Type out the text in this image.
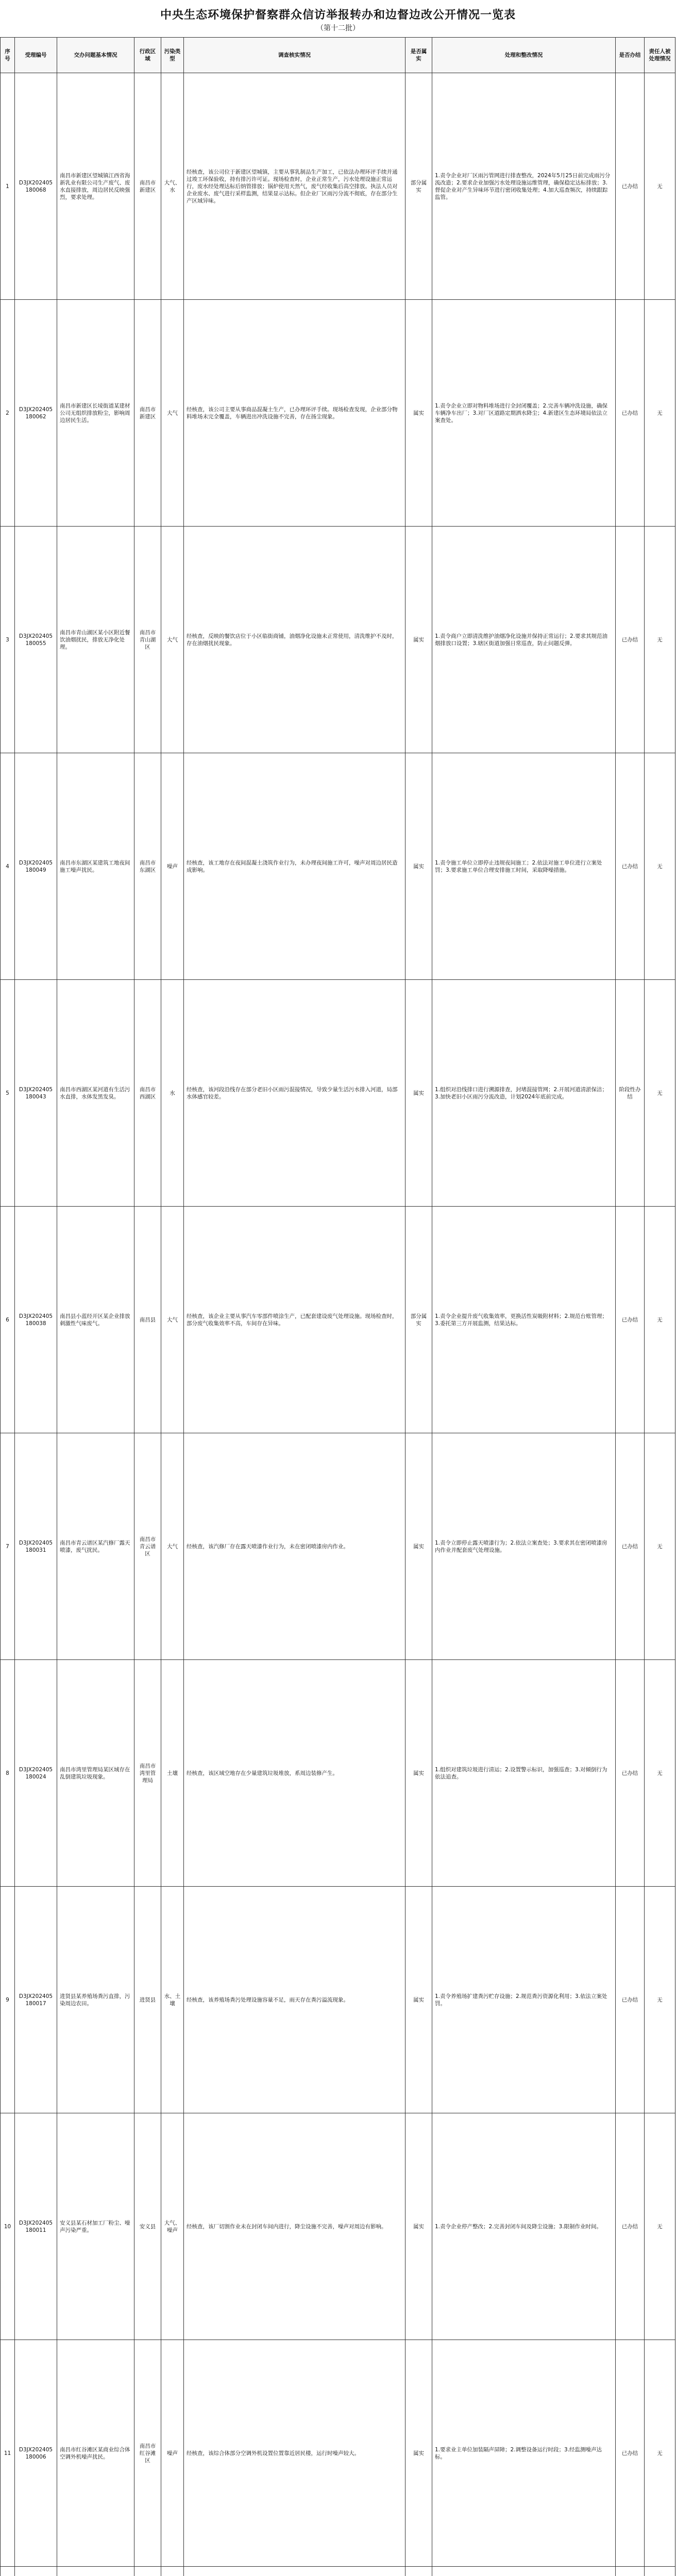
中央生态环境保护督察群众信访举报转办和边督边改公开情况一览表
（第十二批）
序号	受理编号	交办问题基本情况	行政区域	污染类型	调查核实情况	是否属实	处理和整改情况	是否办结	责任人被处理情况
1	D3JX202405180068	南昌市新建区望城镇江西省海新乳业有限公司生产废气、废水直接排放，周边居民反映强烈，要求处理。	南昌市新建区	大气、水	经核查，该公司位于新建区望城镇，主要从事乳制品生产加工，已依法办理环评手续并通过竣工环保验收，持有排污许可证。现场检查时，企业正常生产，污水处理设施正常运行，废水经处理达标后纳管排放；锅炉使用天然气，废气经收集后高空排放。执法人员对企业废水、废气进行采样监测，结果显示达标。但企业厂区雨污分流不彻底，存在部分生产区域异味。	部分属实	1.责令企业对厂区雨污管网进行排查整改，2024年5月25日前完成雨污分流改造；2.要求企业加强污水处理设施运维管理，确保稳定达标排放；3.督促企业对产生异味环节进行密闭收集处理；4.加大巡查频次，持续跟踪监管。	已办结	无
2	D3JX202405180062	南昌市新建区长堎街道某建材公司无组织排放粉尘，影响周边居民生活。	南昌市新建区	大气	经核查，该公司主要从事商品混凝土生产，已办理环评手续。现场检查发现，企业部分物料堆场未完全覆盖，车辆进出冲洗设施不完善，存在扬尘现象。	属实	1.责令企业立即对物料堆场进行全封闭覆盖；2.完善车辆冲洗设施，确保车辆净车出厂；3.对厂区道路定期洒水降尘；4.新建区生态环境局依法立案查处。	已办结	无
3	D3JX202405180055	南昌市青山湖区某小区附近餐饮油烟扰民，排放无净化处理。	南昌市青山湖区	大气	经核查，反映的餐饮店位于小区临街商铺，油烟净化设施未正常使用，清洗维护不及时，存在油烟扰民现象。	属实	1.责令商户立即清洗维护油烟净化设施并保持正常运行；2.要求其规范油烟排放口设置；3.辖区街道加强日常巡查，防止问题反弹。	已办结	无
4	D3JX202405180049	南昌市东湖区某建筑工地夜间施工噪声扰民。	南昌市东湖区	噪声	经核查，该工地存在夜间混凝土浇筑作业行为，未办理夜间施工许可，噪声对周边居民造成影响。	属实	1.责令施工单位立即停止违规夜间施工；2.依法对施工单位进行立案处罚；3.要求施工单位合理安排施工时间，采取降噪措施。	已办结	无
5	D3JX202405180043	南昌市西湖区某河道有生活污水直排，水体发黑发臭。	南昌市西湖区	水	经核查，该河段沿线存在部分老旧小区雨污混接情况，导致少量生活污水排入河道，局部水体感官较差。	属实	1.组织对沿线排口进行溯源排查，封堵混接管网；2.开展河道清淤保洁；3.加快老旧小区雨污分流改造，计划2024年底前完成。	阶段性办结	无
6	D3JX202405180038	南昌县小蓝经开区某企业排放刺激性气味废气。	南昌县	大气	经核查，该企业主要从事汽车零部件喷涂生产，已配套建设废气处理设施。现场检查时，部分废气收集效率不高，车间存在异味。	部分属实	1.责令企业提升废气收集效率，更换活性炭吸附材料；2.规范台账管理；3.委托第三方开展监测，结果达标。	已办结	无
7	D3JX202405180031	南昌市青云谱区某汽修厂露天喷漆，废气扰民。	南昌市青云谱区	大气	经核查，该汽修厂存在露天喷漆作业行为，未在密闭喷漆房内作业。	属实	1.责令立即停止露天喷漆行为；2.依法立案查处；3.要求其在密闭喷漆房内作业并配套废气处理设施。	已办结	无
8	D3JX202405180024	南昌市湾里管理局某区域存在乱倒建筑垃圾现象。	南昌市湾里管理局	土壤	经核查，该区域空地存在少量建筑垃圾堆放，系周边装修产生。	属实	1.组织对建筑垃圾进行清运；2.设置警示标识，加强巡查；3.对倾倒行为依法追查。	已办结	无
9	D3JX202405180017	进贤县某养殖场粪污直排，污染周边农田。	进贤县	水、土壤	经核查，该养殖场粪污处理设施容量不足，雨天存在粪污溢流现象。	属实	1.责令养殖场扩建粪污贮存设施；2.规范粪污资源化利用；3.依法立案处罚。	已办结	无
10	D3JX202405180011	安义县某石材加工厂粉尘、噪声污染严重。	安义县	大气、噪声	经核查，该厂切割作业未在封闭车间内进行，降尘设施不完善，噪声对周边有影响。	属实	1.责令企业停产整改；2.完善封闭车间及降尘设施；3.限制作业时间。	已办结	无
11	D3JX202405180006	南昌市红谷滩区某商业综合体空调外机噪声扰民。	南昌市红谷滩区	噪声	经核查，该综合体部分空调外机设置位置靠近居民楼，运行时噪声较大。	属实	1.要求业主单位加装隔声屏障；2.调整设备运行时段；3.经监测噪声达标。	已办结	无
